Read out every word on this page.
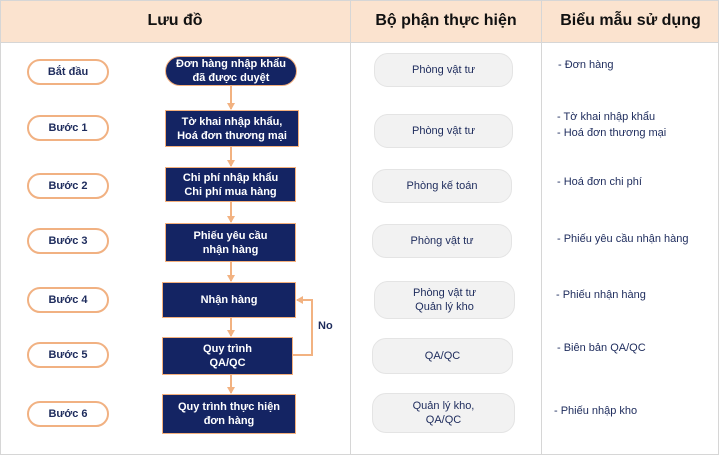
Lưu đồ	Bộ phận thực hiện	Biểu mẫu sử dụng
No
Bắt đầu
Bước 1
Bước 2
Bước 3
Bước 4
Bước 5
Bước 6
Đơn hàng nhập khẩu
đã được duyệt
Tờ khai nhập khẩu,
Hoá đơn thương mại
Chi phí nhập khẩu
Chi phí mua hàng
Phiếu yêu cầu
nhận hàng
Nhận hàng
Quy trình
QA/QC
Quy trình thực hiện
đơn hàng
Phòng vật tư
Phòng vật tư
Phòng kế toán
Phòng vật tư
Phòng vật tư
Quản lý kho
QA/QC
Quản lý kho,
QA/QC
- Đơn hàng
- Tờ khai nhập khẩu
- Hoá đơn thương mại
- Hoá đơn chi phí
- Phiếu yêu cầu nhận hàng
- Phiếu nhận hàng
- Biên bản QA/QC
- Phiếu nhập kho
